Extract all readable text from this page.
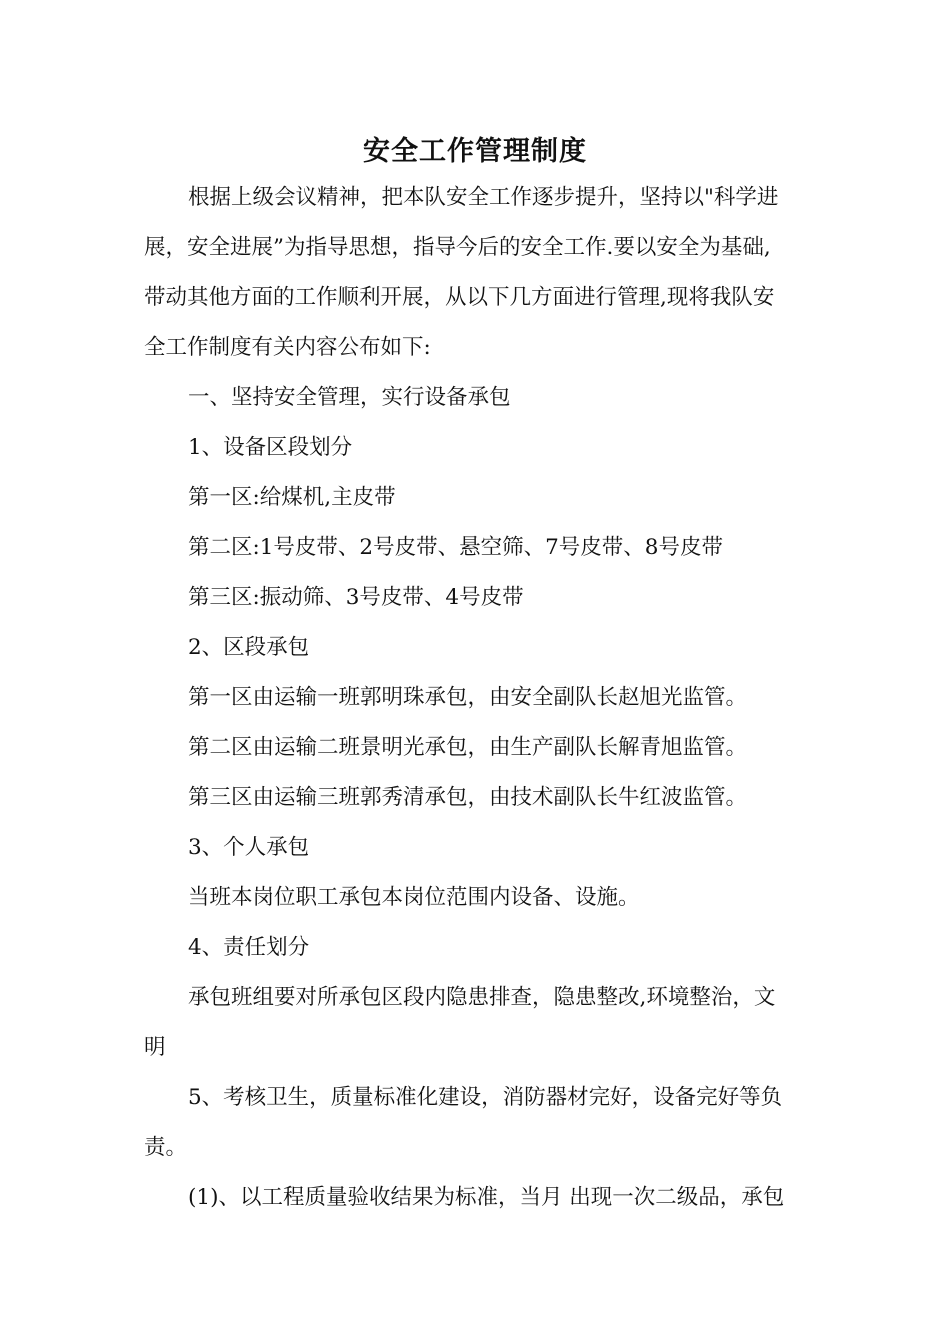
安全工作管理制度
根据上级会议精神，把本队安全工作逐步提升，坚持以"科学进
展，安全进展”为指导思想，指导今后的安全工作.要以安全为基础,
带动其他方面的工作顺利开展，从以下几方面进行管理,现将我队安
全工作制度有关内容公布如下:
一、坚持安全管理，实行设备承包
1、设备区段划分
第一区:给煤机,主皮带
第二区:1号皮带、2号皮带、悬空筛、7号皮带、8号皮带
第三区:振动筛、3号皮带、4号皮带
2、区段承包
第一区由运输一班郭明珠承包，由安全副队长赵旭光监管。
第二区由运输二班景明光承包，由生产副队长解青旭监管。
第三区由运输三班郭秀清承包，由技术副队长牛红波监管。
3、个人承包
当班本岗位职工承包本岗位范围内设备、设施。
4、责任划分
承包班组要对所承包区段内隐患排查，隐患整改,环境整治，文
明
5、考核卫生，质量标准化建设，消防器材完好，设备完好等负
责。
(1)、以工程质量验收结果为标准，当月 出现一次二级品，承包
